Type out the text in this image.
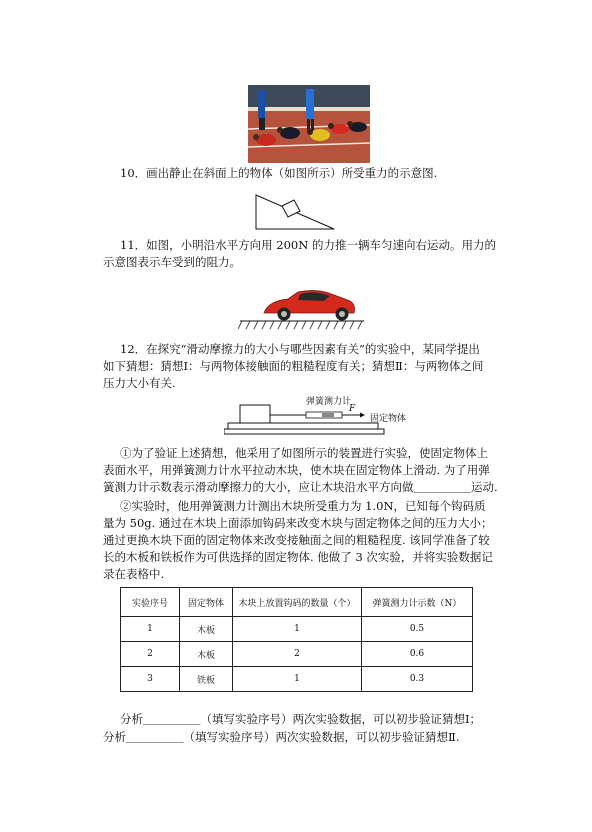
10．画出静止在斜面上的物体（如图所示）所受重力的示意图.
11．如图，小明沿水平方向用 200N 的力推一辆车匀速向右运动。用力的
示意图表示车受到的阻力。
12．在探究“滑动摩擦力的大小与哪些因素有关”的实验中，某同学提出
如下猜想：猜想Ⅰ：与两物体接触面的粗糙程度有关；猜想Ⅱ：与两物体之间
压力大小有关.
弹簧测力计
F
固定物体
①为了验证上述猜想，他采用了如图所示的装置进行实验，使固定物体上
表面水平，用弹簧测力计水平拉动木块，使木块在固定物体上滑动. 为了用弹
簧测力计示数表示滑动摩擦力的大小，应让木块沿水平方向做＿＿＿＿＿运动.
②实验时，他用弹簧测力计测出木块所受重力为 1.0N，已知每个钩码质
量为 50g. 通过在木块上面添加钩码来改变木块与固定物体之间的压力大小；
通过更换木块下面的固定物体来改变接触面之间的粗糙程度. 该同学准备了较
长的木板和铁板作为可供选择的固定物体. 他做了 3 次实验，并将实验数据记
录在表格中.
实验序号	固定物体	木块上放置钩码的数量（个）	弹簧测力计示数（N）
1	木板	1	0.5
2	木板	2	0.6
3	铁板	1	0.3
分析＿＿＿＿＿（填写实验序号）两次实验数据，可以初步验证猜想Ⅰ；
分析＿＿＿＿＿（填写实验序号）两次实验数据，可以初步验证猜想Ⅱ.
